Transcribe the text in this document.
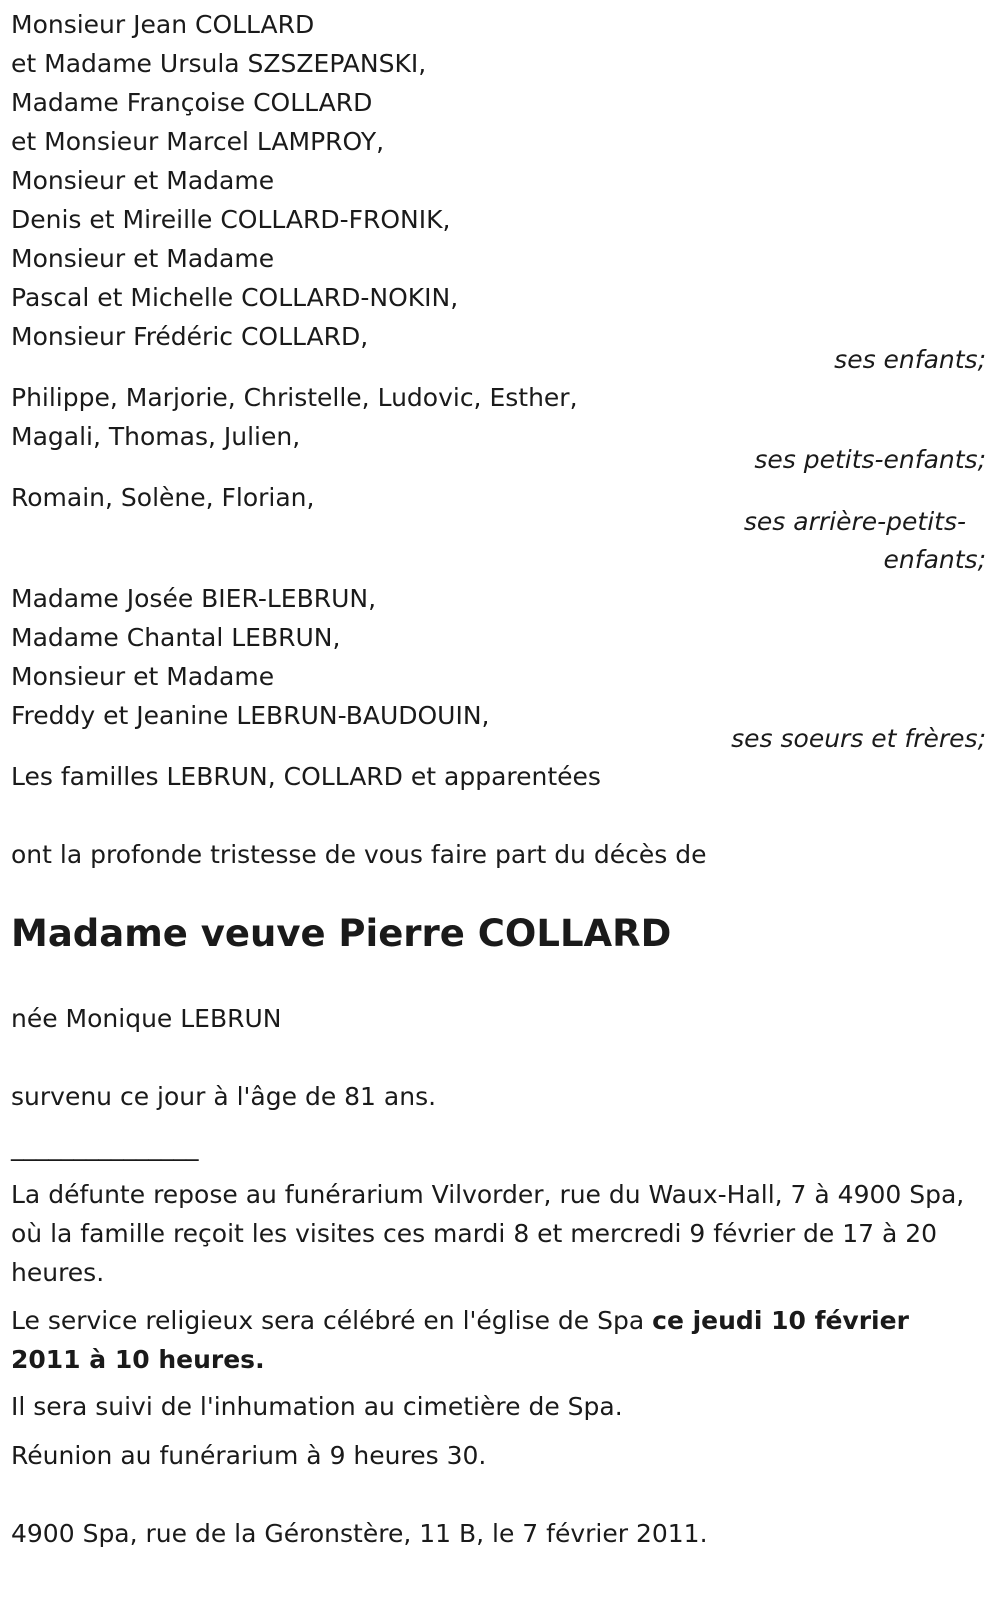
Monsieur Jean COLLARD
et Madame Ursula SZSZEPANSKI,
Madame Françoise COLLARD
et Monsieur Marcel LAMPROY,
Monsieur et Madame
Denis et Mireille COLLARD-FRONIK,
Monsieur et Madame
Pascal et Michelle COLLARD-NOKIN,
Monsieur Frédéric COLLARD,
ses enfants;
Philippe, Marjorie, Christelle, Ludovic, Esther,
Magali, Thomas, Julien,
ses petits-enfants;
Romain, Solène, Florian,
ses arrière-petits-
enfants;
Madame Josée BIER-LEBRUN,
Madame Chantal LEBRUN,
Monsieur et Madame
Freddy et Jeanine LEBRUN-BAUDOUIN,
ses soeurs et frères;
Les familles LEBRUN, COLLARD et apparentées
ont la profonde tristesse de vous faire part du décès de
Madame veuve Pierre COLLARD
née Monique LEBRUN
survenu ce jour à l'âge de 81 ans.
_______________
La défunte repose au funérarium Vilvorder, rue du Waux-Hall, 7 à 4900 Spa, où la famille reçoit les visites ces mardi 8 et mercredi 9 février de 17 à 20 heures.
Le service religieux sera célébré en l'église de Spa ce jeudi 10 février 2011 à 10 heures.
Il sera suivi de l'inhumation au cimetière de Spa.
Réunion au funérarium à 9 heures 30.
4900 Spa, rue de la Géronstère, 11 B, le 7 février 2011.
